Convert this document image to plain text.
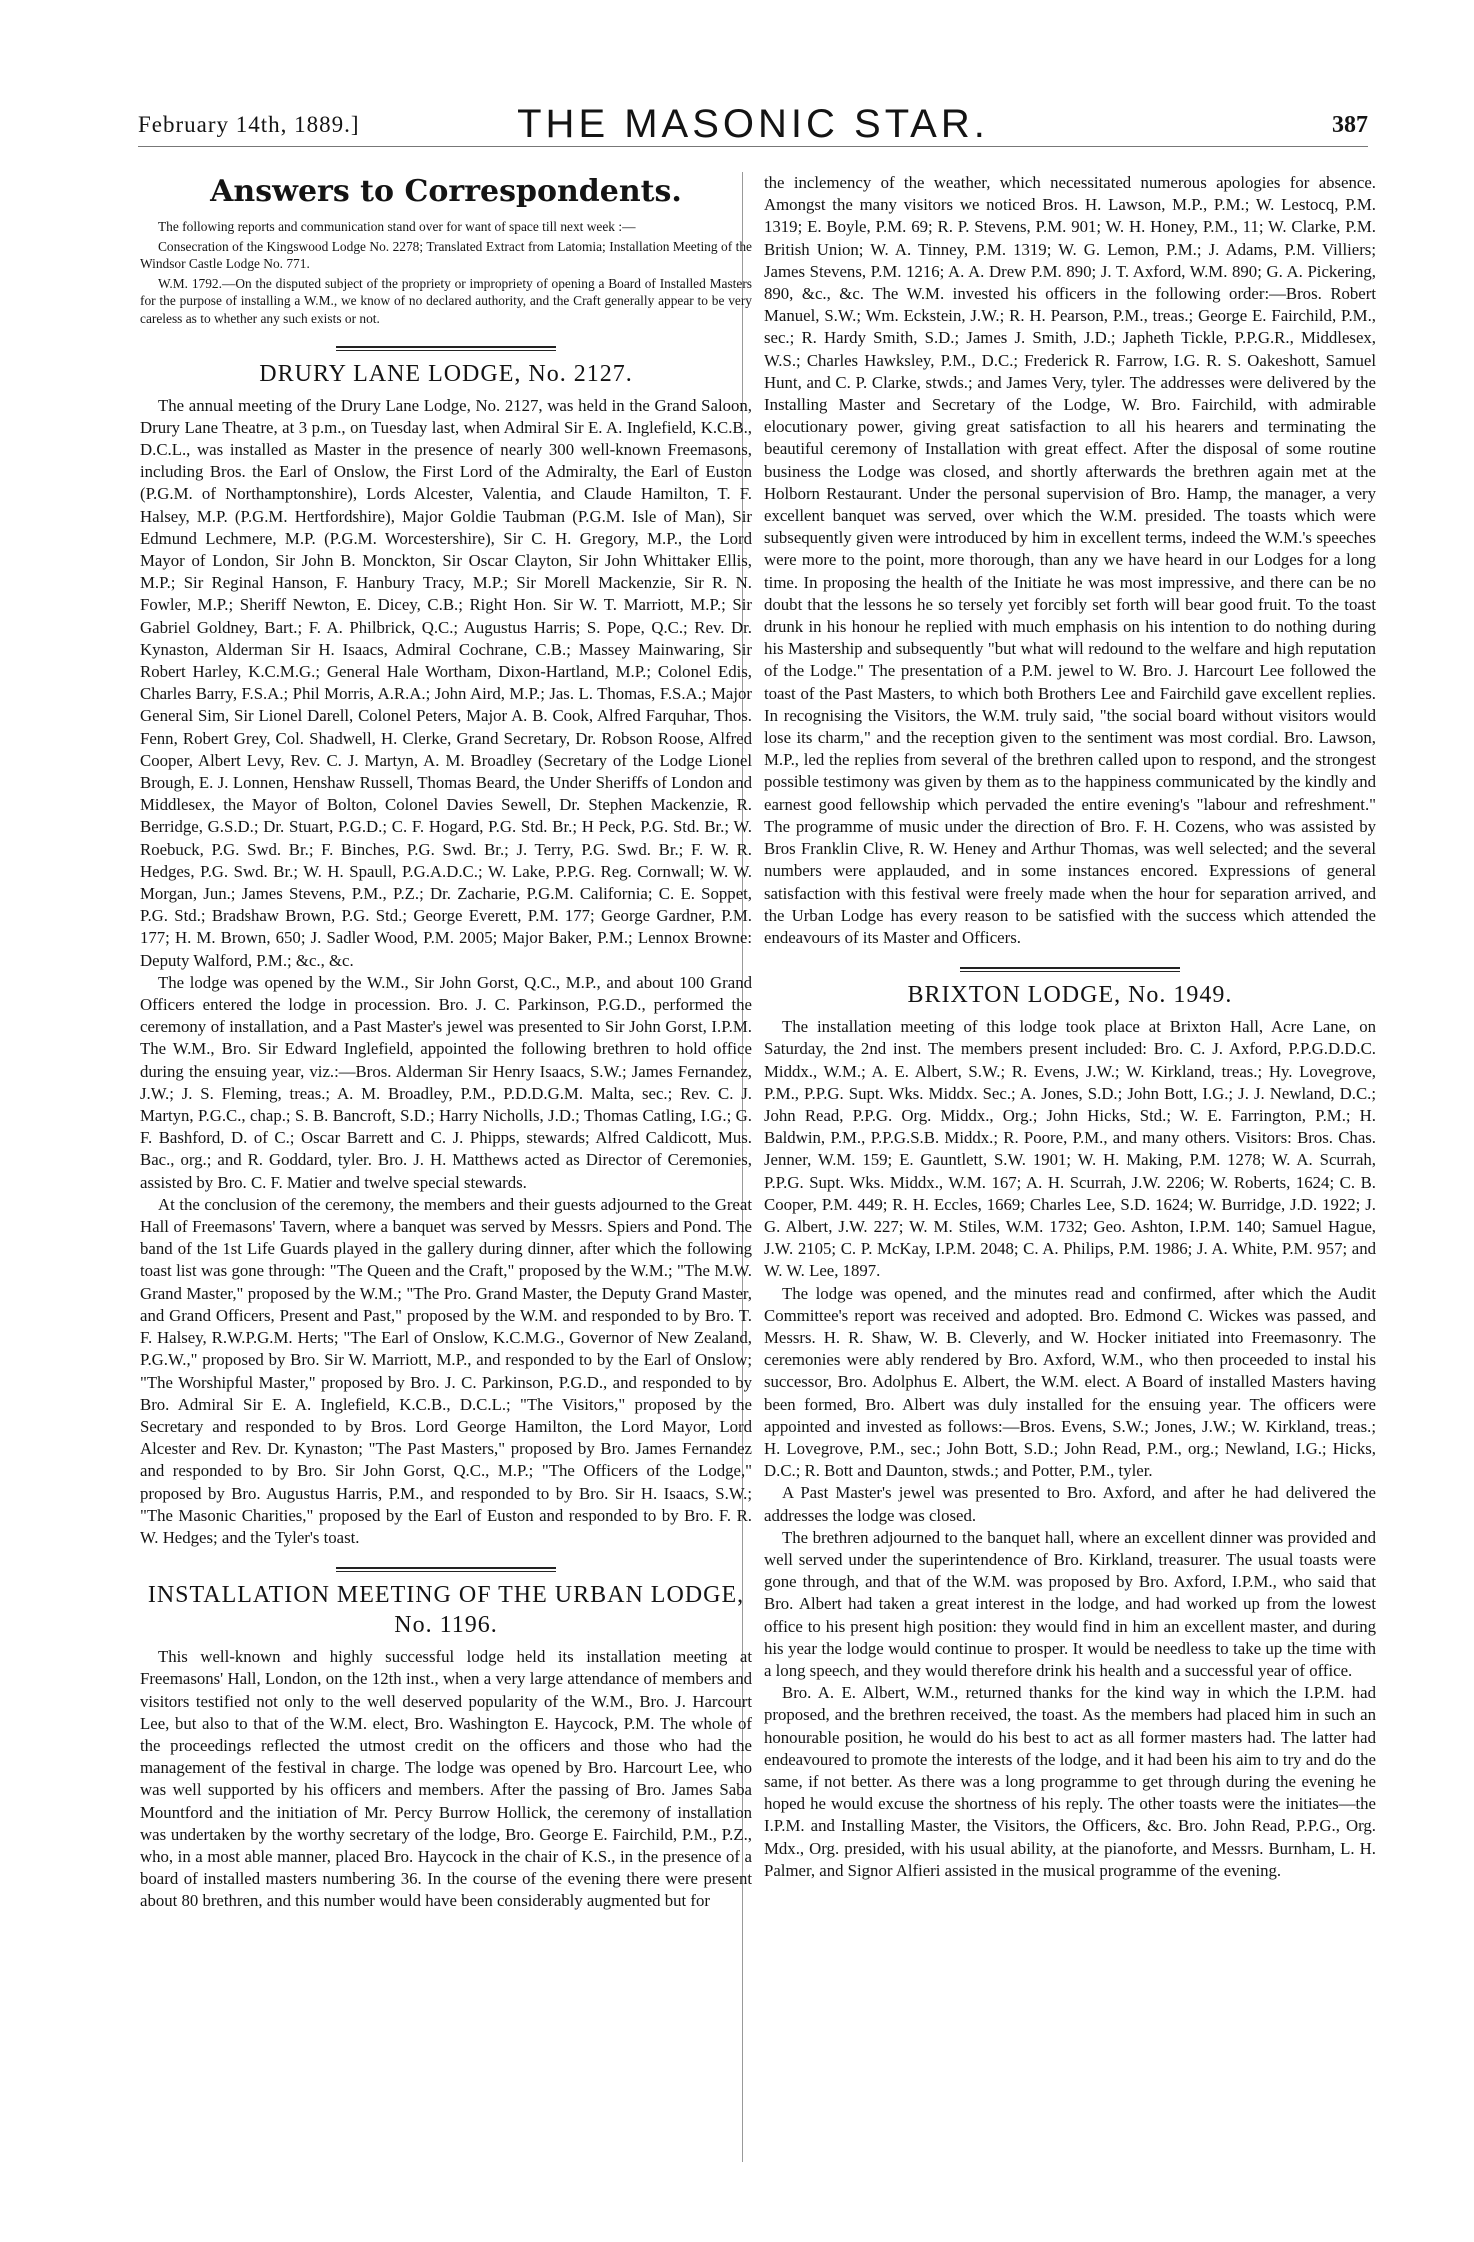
February 14th, 1889.]	THE MASONIC STAR.	387
Answers to Correspondents.

The following reports and communication stand over for want of space till next week :—

Consecration of the Kingswood Lodge No. 2278; Translated Extract from Latomia; Installation Meeting of the Windsor Castle Lodge No. 771.

W.M. 1792.—On the disputed subject of the propriety or impropriety of opening a Board of Installed Masters for the purpose of installing a W.M., we know of no declared authority, and the Craft generally appear to be very careless as to whether any such exists or not.

DRURY LANE LODGE, No. 2127.

The annual meeting of the Drury Lane Lodge, No. 2127, was held in the Grand Saloon, Drury Lane Theatre, at 3 p.m., on Tuesday last, when Admiral Sir E. A. Inglefield, K.C.B., D.C.L., was installed as Master in the presence of nearly 300 well-known Freemasons, including Bros. the Earl of Onslow, the First Lord of the Admiralty, the Earl of Euston (P.G.M. of Northamptonshire), Lords Alcester, Valentia, and Claude Hamilton, T. F. Halsey, M.P. (P.G.M. Hertfordshire), Major Goldie Taubman (P.G.M. Isle of Man), Sir Edmund Lechmere, M.P. (P.G.M. Worcestershire), Sir C. H. Gregory, M.P., the Lord Mayor of London, Sir John B. Monckton, Sir Oscar Clayton, Sir John Whittaker Ellis, M.P.; Sir Reginal Hanson, F. Hanbury Tracy, M.P.; Sir Morell Mackenzie, Sir R. N. Fowler, M.P.; Sheriff Newton, E. Dicey, C.B.; Right Hon. Sir W. T. Marriott, M.P.; Sir Gabriel Goldney, Bart.; F. A. Philbrick, Q.C.; Augustus Harris; S. Pope, Q.C.; Rev. Dr. Kynaston, Alderman Sir H. Isaacs, Admiral Cochrane, C.B.; Massey Mainwaring, Sir Robert Harley, K.C.M.G.; General Hale Wortham, Dixon-Hartland, M.P.; Colonel Edis, Charles Barry, F.S.A.; Phil Morris, A.R.A.; John Aird, M.P.; Jas. L. Thomas, F.S.A.; Major General Sim, Sir Lionel Darell, Colonel Peters, Major A. B. Cook, Alfred Farquhar, Thos. Fenn, Robert Grey, Col. Shadwell, H. Clerke, Grand Secretary, Dr. Robson Roose, Alfred Cooper, Albert Levy, Rev. C. J. Martyn, A. M. Broadley (Secretary of the Lodge Lionel Brough, E. J. Lonnen, Henshaw Russell, Thomas Beard, the Under Sheriffs of London and Middlesex, the Mayor of Bolton, Colonel Davies Sewell, Dr. Stephen Mackenzie, R. Berridge, G.S.D.; Dr. Stuart, P.G.D.; C. F. Hogard, P.G. Std. Br.; H Peck, P.G. Std. Br.; W. Roebuck, P.G. Swd. Br.; F. Binches, P.G. Swd. Br.; J. Terry, P.G. Swd. Br.; F. W. R. Hedges, P.G. Swd. Br.; W. H. Spaull, P.G.A.D.C.; W. Lake, P.P.G. Reg. Cornwall; W. W. Morgan, Jun.; James Stevens, P.M., P.Z.; Dr. Zacharie, P.G.M. California; C. E. Soppet, P.G. Std.; Bradshaw Brown, P.G. Std.; George Everett, P.M. 177; George Gardner, P.M. 177; H. M. Brown, 650; J. Sadler Wood, P.M. 2005; Major Baker, P.M.; Lennox Browne: Deputy Walford, P.M.; &c., &c.

The lodge was opened by the W.M., Sir John Gorst, Q.C., M.P., and about 100 Grand Officers entered the lodge in procession. Bro. J. C. Parkinson, P.G.D., performed the ceremony of installation, and a Past Master's jewel was presented to Sir John Gorst, I.P.M. The W.M., Bro. Sir Edward Inglefield, appointed the following brethren to hold office during the ensuing year, viz.:—Bros. Alderman Sir Henry Isaacs, S.W.; James Fernandez, J.W.; J. S. Fleming, treas.; A. M. Broadley, P.M., P.D.D.G.M. Malta, sec.; Rev. C. J. Martyn, P.G.C., chap.; S. B. Bancroft, S.D.; Harry Nicholls, J.D.; Thomas Catling, I.G.; G. F. Bashford, D. of C.; Oscar Barrett and C. J. Phipps, stewards; Alfred Caldicott, Mus. Bac., org.; and R. Goddard, tyler. Bro. J. H. Matthews acted as Director of Ceremonies, assisted by Bro. C. F. Matier and twelve special stewards.

At the conclusion of the ceremony, the members and their guests adjourned to the Great Hall of Freemasons' Tavern, where a banquet was served by Messrs. Spiers and Pond. The band of the 1st Life Guards played in the gallery during dinner, after which the following toast list was gone through: "The Queen and the Craft," proposed by the W.M.; "The M.W. Grand Master," proposed by the W.M.; "The Pro. Grand Master, the Deputy Grand Master, and Grand Officers, Present and Past," proposed by the W.M. and responded to by Bro. T. F. Halsey, R.W.P.G.M. Herts; "The Earl of Onslow, K.C.M.G., Governor of New Zealand, P.G.W.," proposed by Bro. Sir W. Marriott, M.P., and responded to by the Earl of Onslow; "The Worshipful Master," proposed by Bro. J. C. Parkinson, P.G.D., and responded to by Bro. Admiral Sir E. A. Inglefield, K.C.B., D.C.L.; "The Visitors," proposed by the Secretary and responded to by Bros. Lord George Hamilton, the Lord Mayor, Lord Alcester and Rev. Dr. Kynaston; "The Past Masters," proposed by Bro. James Fernandez and responded to by Bro. Sir John Gorst, Q.C., M.P.; "The Officers of the Lodge," proposed by Bro. Augustus Harris, P.M., and responded to by Bro. Sir H. Isaacs, S.W.; "The Masonic Charities," proposed by the Earl of Euston and responded to by Bro. F. R. W. Hedges; and the Tyler's toast.

INSTALLATION MEETING OF THE URBAN LODGE, No. 1196.

This well-known and highly successful lodge held its installation meeting at Freemasons' Hall, London, on the 12th inst., when a very large attendance of members and visitors testified not only to the well deserved popularity of the W.M., Bro. J. Harcourt Lee, but also to that of the W.M. elect, Bro. Washington E. Haycock, P.M. The whole of the proceedings reflected the utmost credit on the officers and those who had the management of the festival in charge. The lodge was opened by Bro. Harcourt Lee, who was well supported by his officers and members. After the passing of Bro. James Saba Mountford and the initiation of Mr. Percy Burrow Hollick, the ceremony of installation was undertaken by the worthy secretary of the lodge, Bro. George E. Fairchild, P.M., P.Z., who, in a most able manner, placed Bro. Haycock in the chair of K.S., in the presence of a board of installed masters numbering 36. In the course of the evening there were present about 80 brethren, and this number would have been considerably augmented but for

the inclemency of the weather, which necessitated numerous apologies for absence. Amongst the many visitors we noticed Bros. H. Lawson, M.P., P.M.; W. Lestocq, P.M. 1319; E. Boyle, P.M. 69; R. P. Stevens, P.M. 901; W. H. Honey, P.M., 11; W. Clarke, P.M. British Union; W. A. Tinney, P.M. 1319; W. G. Lemon, P.M.; J. Adams, P.M. Villiers; James Stevens, P.M. 1216; A. A. Drew P.M. 890; J. T. Axford, W.M. 890; G. A. Pickering, 890, &c., &c. The W.M. invested his officers in the following order:—Bros. Robert Manuel, S.W.; Wm. Eckstein, J.W.; R. H. Pearson, P.M., treas.; George E. Fairchild, P.M., sec.; R. Hardy Smith, S.D.; James J. Smith, J.D.; Japheth Tickle, P.P.G.R., Middlesex, W.S.; Charles Hawksley, P.M., D.C.; Frederick R. Farrow, I.G. R. S. Oakeshott, Samuel Hunt, and C. P. Clarke, stwds.; and James Very, tyler. The addresses were delivered by the Installing Master and Secretary of the Lodge, W. Bro. Fairchild, with admirable elocutionary power, giving great satisfaction to all his hearers and terminating the beautiful ceremony of Installation with great effect. After the disposal of some routine business the Lodge was closed, and shortly afterwards the brethren again met at the Holborn Restaurant. Under the personal supervision of Bro. Hamp, the manager, a very excellent banquet was served, over which the W.M. presided. The toasts which were subsequently given were introduced by him in excellent terms, indeed the W.M.'s speeches were more to the point, more thorough, than any we have heard in our Lodges for a long time. In proposing the health of the Initiate he was most impressive, and there can be no doubt that the lessons he so tersely yet forcibly set forth will bear good fruit. To the toast drunk in his honour he replied with much emphasis on his intention to do nothing during his Mastership and subsequently "but what will redound to the welfare and high reputation of the Lodge." The presentation of a P.M. jewel to W. Bro. J. Harcourt Lee followed the toast of the Past Masters, to which both Brothers Lee and Fairchild gave excellent replies. In recognising the Visitors, the W.M. truly said, "the social board without visitors would lose its charm," and the reception given to the sentiment was most cordial. Bro. Lawson, M.P., led the replies from several of the brethren called upon to respond, and the strongest possible testimony was given by them as to the happiness communicated by the kindly and earnest good fellowship which pervaded the entire evening's "labour and refreshment." The programme of music under the direction of Bro. F. H. Cozens, who was assisted by Bros Franklin Clive, R. W. Heney and Arthur Thomas, was well selected; and the several numbers were applauded, and in some instances encored. Expressions of general satisfaction with this festival were freely made when the hour for separation arrived, and the Urban Lodge has every reason to be satisfied with the success which attended the endeavours of its Master and Officers.

BRIXTON LODGE, No. 1949.

The installation meeting of this lodge took place at Brixton Hall, Acre Lane, on Saturday, the 2nd inst. The members present included: Bro. C. J. Axford, P.P.G.D.D.C. Middx., W.M.; A. E. Albert, S.W.; R. Evens, J.W.; W. Kirkland, treas.; Hy. Lovegrove, P.M., P.P.G. Supt. Wks. Middx. Sec.; A. Jones, S.D.; John Bott, I.G.; J. J. Newland, D.C.; John Read, P.P.G. Org. Middx., Org.; John Hicks, Std.; W. E. Farrington, P.M.; H. Baldwin, P.M., P.P.G.S.B. Middx.; R. Poore, P.M., and many others. Visitors: Bros. Chas. Jenner, W.M. 159; E. Gauntlett, S.W. 1901; W. H. Making, P.M. 1278; W. A. Scurrah, P.P.G. Supt. Wks. Middx., W.M. 167; A. H. Scurrah, J.W. 2206; W. Roberts, 1624; C. B. Cooper, P.M. 449; R. H. Eccles, 1669; Charles Lee, S.D. 1624; W. Burridge, J.D. 1922; J. G. Albert, J.W. 227; W. M. Stiles, W.M. 1732; Geo. Ashton, I.P.M. 140; Samuel Hague, J.W. 2105; C. P. McKay, I.P.M. 2048; C. A. Philips, P.M. 1986; J. A. White, P.M. 957; and W. W. Lee, 1897.

The lodge was opened, and the minutes read and confirmed, after which the Audit Committee's report was received and adopted. Bro. Edmond C. Wickes was passed, and Messrs. H. R. Shaw, W. B. Cleverly, and W. Hocker initiated into Freemasonry. The ceremonies were ably rendered by Bro. Axford, W.M., who then proceeded to instal his successor, Bro. Adolphus E. Albert, the W.M. elect. A Board of installed Masters having been formed, Bro. Albert was duly installed for the ensuing year. The officers were appointed and invested as follows:—Bros. Evens, S.W.; Jones, J.W.; W. Kirkland, treas.; H. Lovegrove, P.M., sec.; John Bott, S.D.; John Read, P.M., org.; Newland, I.G.; Hicks, D.C.; R. Bott and Daunton, stwds.; and Potter, P.M., tyler.

A Past Master's jewel was presented to Bro. Axford, and after he had delivered the addresses the lodge was closed.

The brethren adjourned to the banquet hall, where an excellent dinner was provided and well served under the superintendence of Bro. Kirkland, treasurer. The usual toasts were gone through, and that of the W.M. was proposed by Bro. Axford, I.P.M., who said that Bro. Albert had taken a great interest in the lodge, and had worked up from the lowest office to his present high position: they would find in him an excellent master, and during his year the lodge would continue to prosper. It would be needless to take up the time with a long speech, and they would therefore drink his health and a successful year of office.

Bro. A. E. Albert, W.M., returned thanks for the kind way in which the I.P.M. had proposed, and the brethren received, the toast. As the members had placed him in such an honourable position, he would do his best to act as all former masters had. The latter had endeavoured to promote the interests of the lodge, and it had been his aim to try and do the same, if not better. As there was a long programme to get through during the evening he hoped he would excuse the shortness of his reply. The other toasts were the initiates—the I.P.M. and Installing Master, the Visitors, the Officers, &c. Bro. John Read, P.P.G., Org. Mdx., Org. presided, with his usual ability, at the pianoforte, and Messrs. Burnham, L. H. Palmer, and Signor Alfieri assisted in the musical programme of the evening.
